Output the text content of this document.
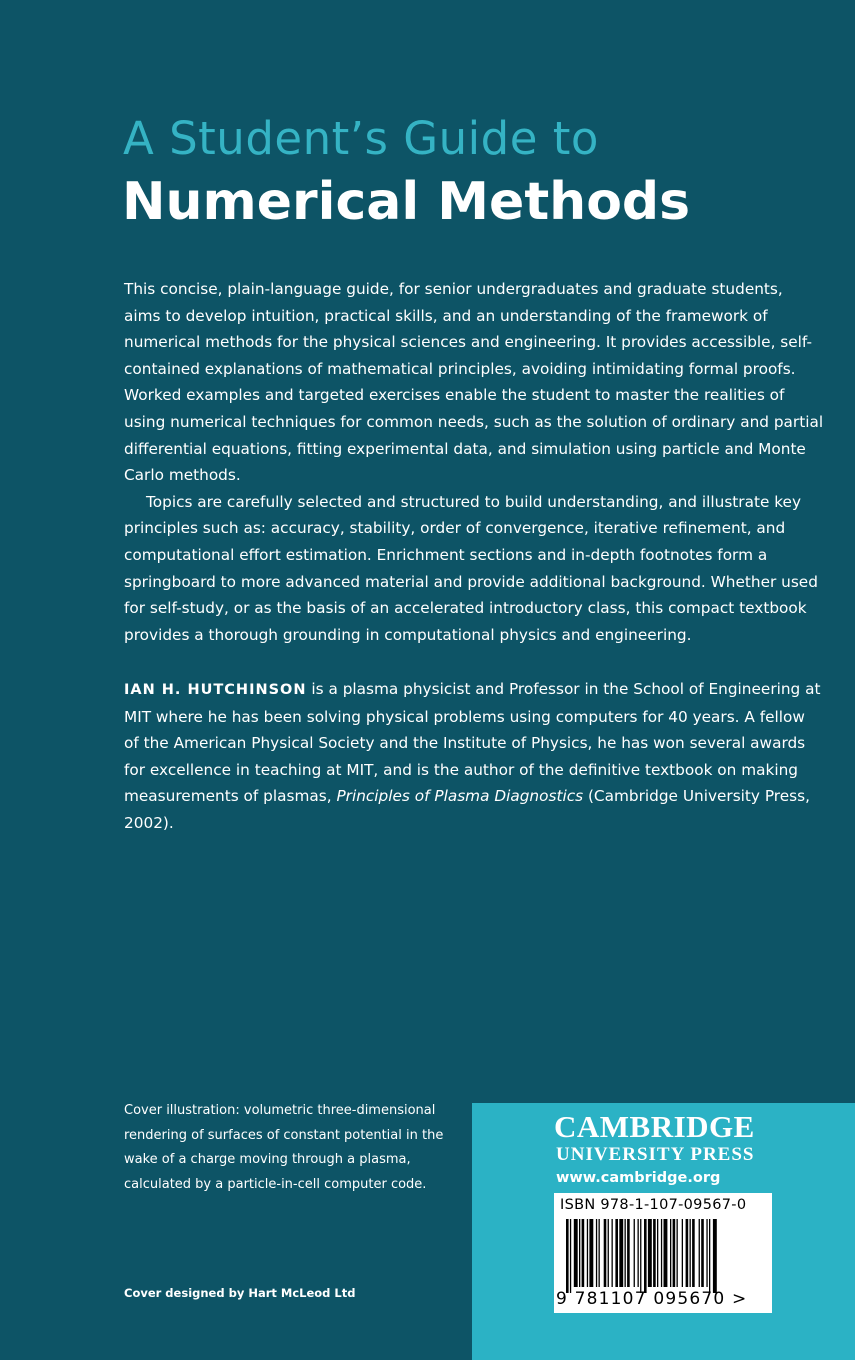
A Student’s Guide to
Numerical Methods

This concise, plain-language guide, for senior undergraduates and graduate students, aims to develop intuition, practical skills, and an understanding of the framework of numerical methods for the physical sciences and engineering. It provides accessible, self-contained explanations of mathematical principles, avoiding intimidating formal proofs. Worked examples and targeted exercises enable the student to master the realities of using numerical techniques for common needs, such as the solution of ordinary and partial differential equations, fitting experimental data, and simulation using particle and Monte Carlo methods.

Topics are carefully selected and structured to build understanding, and illustrate key principles such as: accuracy, stability, order of convergence, iterative refinement, and computational effort estimation. Enrichment sections and in-depth footnotes form a springboard to more advanced material and provide additional background. Whether used for self-study, or as the basis of an accelerated introductory class, this compact textbook provides a thorough grounding in computational physics and engineering.

IAN H. HUTCHINSON is a plasma physicist and Professor in the School of Engineering at MIT where he has been solving physical problems using computers for 40 years. A fellow of the American Physical Society and the Institute of Physics, he has won several awards for excellence in teaching at MIT, and is the author of the definitive textbook on making measurements of plasmas, Principles of Plasma Diagnostics (Cambridge University Press, 2002).

Cover illustration: volumetric three-dimensional rendering of surfaces of constant potential in the wake of a charge moving through a plasma, calculated by a particle-in-cell computer code.
Cover designed by Hart McLeod Ltd
CAMBRIDGE
UNIVERSITY PRESS
www.cambridge.org
ISBN 978-1-107-09567-0
9 781107 095670 >
